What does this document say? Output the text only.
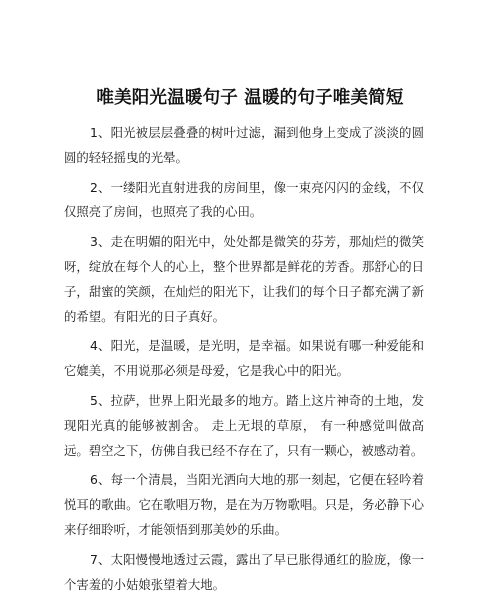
唯美阳光温暖句子 温暖的句子唯美简短

1、阳光被层层叠叠的树叶过滤，漏到他身上变成了淡淡的圆圆的轻轻摇曳的光晕。

2、一缕阳光直射进我的房间里，像一束亮闪闪的金线，不仅仅照亮了房间，也照亮了我的心田。

3、走在明媚的阳光中，处处都是微笑的芬芳，那灿烂的微笑呀，绽放在每个人的心上，整个世界都是鲜花的芳香。那舒心的日子，甜蜜的笑颜，在灿烂的阳光下，让我们的每个日子都充满了新的希望。有阳光的日子真好。

4、阳光，是温暖，是光明，是幸福。如果说有哪一种爱能和它媲美，不用说那必须是母爱，它是我心中的阳光。

5、拉萨，世界上阳光最多的地方。踏上这片神奇的土地，发现阳光真的能够被割舍。 走上无垠的草原， 有一种感觉叫做高远。碧空之下，仿佛自我已经不存在了，只有一颗心，被感动着。

6、每一个清晨，当阳光洒向大地的那一刻起，它便在轻吟着悦耳的歌曲。它在歌唱万物，是在为万物歌唱。只是，务必静下心来仔细聆听，才能领悟到那美妙的乐曲。

7、太阳慢慢地透过云霞，露出了早已胀得通红的脸庞，像一个害羞的小姑娘张望着大地。
